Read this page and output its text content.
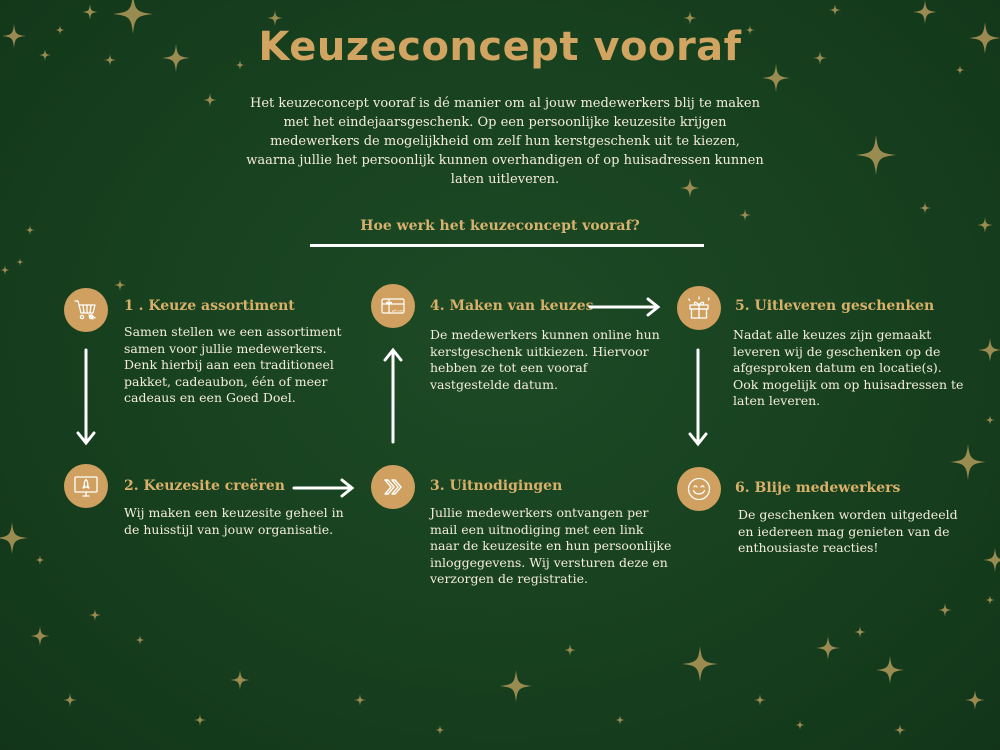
Keuzeconcept vooraf

Het keuzeconcept vooraf is dé manier om al jouw medewerkers blij te maken met het eindejaarsgeschenk. Op een persoonlijke keuzesite krijgen medewerkers de mogelijkheid om zelf hun kerstgeschenk uit te kiezen, waarna jullie het persoonlijk kunnen overhandigen of op huisadressen kunnen laten uitleveren.

Hoe werk het keuzeconcept vooraf?
1 . Keuze assortiment

Samen stellen we een assortiment samen voor jullie medewerkers. Denk hierbij aan een traditioneel pakket, cadeaubon, één of meer cadeaus en een Goed Doel.

2. Keuzesite creëren

Wij maken een keuzesite geheel in de huisstijl van jouw organisatie.

3. Uitnodigingen

Jullie medewerkers ontvangen per mail een uitnodiging met een link naar de keuzesite en hun persoonlijke inloggegevens. Wij versturen deze en verzorgen de registratie.

gift card 4. Maken van keuzes

De medewerkers kunnen online hun kerstgeschenk uitkiezen. Hiervoor hebben ze tot een vooraf vastgestelde datum.

5. Uitleveren geschenken

Nadat alle keuzes zijn gemaakt leveren wij de geschenken op de afgesproken datum en locatie(s). Ook mogelijk om op huisadressen te laten leveren.

6. Blije medewerkers

De geschenken worden uitgedeeld en iedereen mag genieten van de enthousiaste reacties!
